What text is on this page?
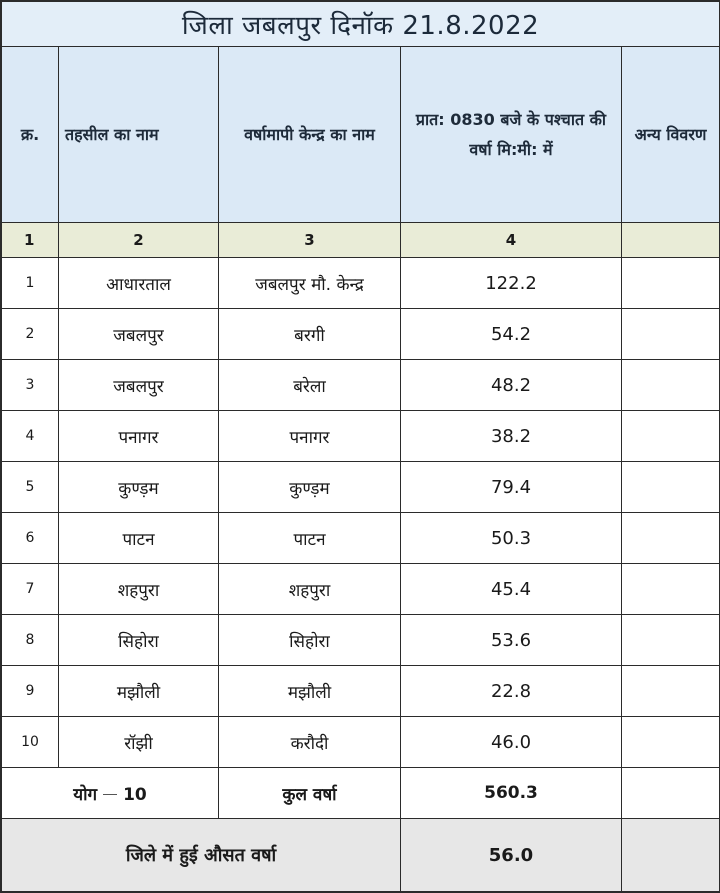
जिला जबलपुर दिनॉक 21.8.2022				
क्र.	तहसील का नाम	वर्षामापी केन्द्र का नाम	प्रात: 0830 बजे के पश्चात की वर्षा मि:मी: में	अन्य विवरण
1	2	3	4	
1	आधारताल	जबलपुर मौ. केन्द्र	122.2	
2	जबलपुर	बरगी	54.2	
3	जबलपुर	बरेला	48.2	
4	पनागर	पनागर	38.2	
5	कुण्ड़म	कुण्ड़म	79.4	
6	पाटन	पाटन	50.3	
7	शहपुरा	शहपुरा	45.4	
8	सिहोरा	सिहोरा	53.6	
9	मझौली	मझौली	22.8	
10	रॉझी	करौदी	46.0	
योग 10		कुल वर्षा	560.3	
जिले में हुई औसत वर्षा			56.0	
